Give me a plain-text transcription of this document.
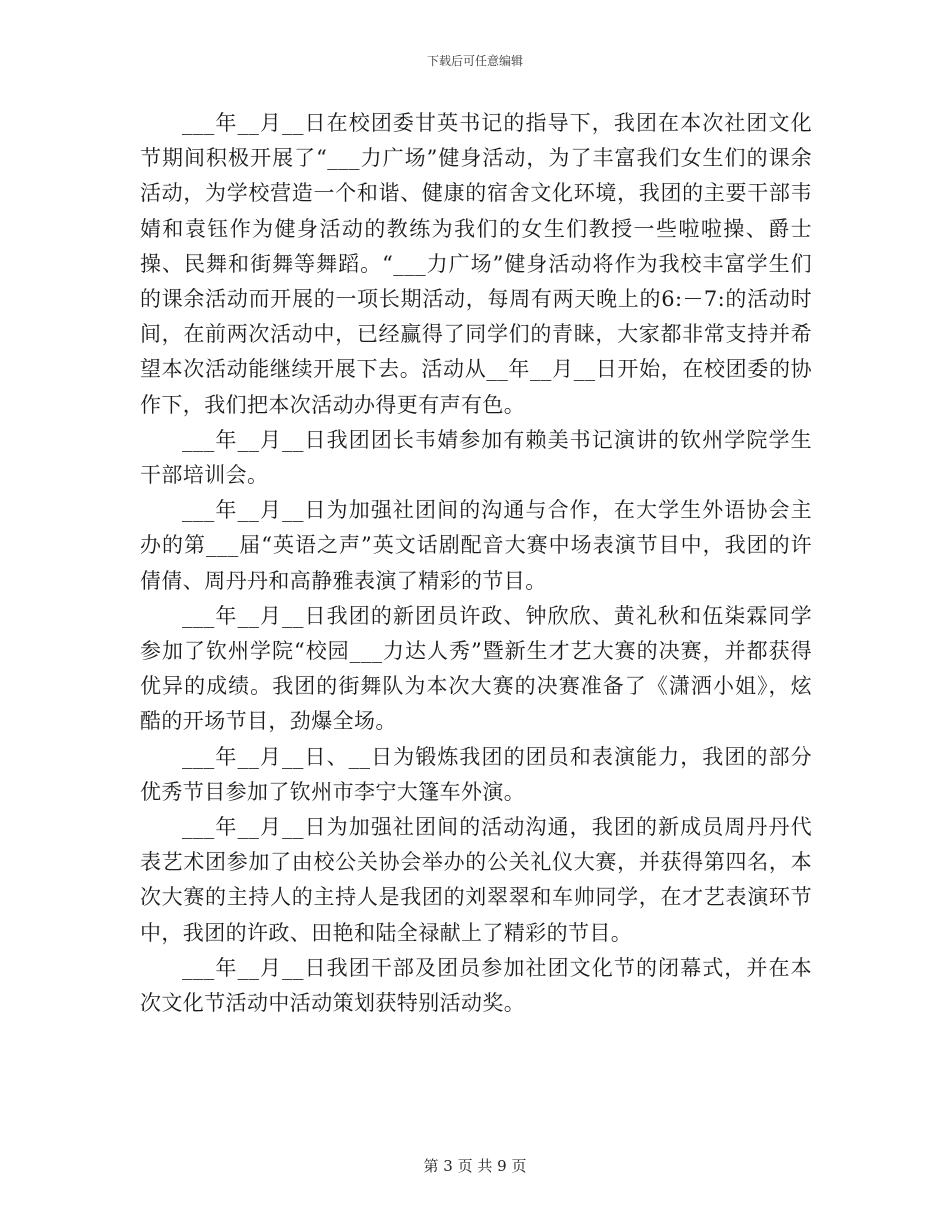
下载后可任意编辑

___年__月__日在校团委甘英书记的指导下，我团在本次社团文化节期间积极开展了“___力广场”健身活动，为了丰富我们女生们的课余活动，为学校营造一个和谐、健康的宿舍文化环境，我团的主要干部韦婧和袁钰作为健身活动的教练为我们的女生们教授一些啦啦操、爵士操、民舞和街舞等舞蹈。“___力广场”健身活动将作为我校丰富学生们的课余活动而开展的一项长期活动，每周有两天晚上的6:－7:的活动时间，在前两次活动中，已经赢得了同学们的青睐，大家都非常支持并希望本次活动能继续开展下去。活动从__年__月__日开始，在校团委的协作下，我们把本次活动办得更有声有色。

___年__月__日我团团长韦婧参加有赖美书记演讲的钦州学院学生干部培训会。

___年__月__日为加强社团间的沟通与合作，在大学生外语协会主办的第___届“英语之声”英文话剧配音大赛中场表演节目中，我团的许倩倩、周丹丹和高静雅表演了精彩的节目。

___年__月__日我团的新团员许政、钟欣欣、黄礼秋和伍柒霖同学参加了钦州学院“校园___力达人秀”暨新生才艺大赛的决赛，并都获得优异的成绩。我团的街舞队为本次大赛的决赛准备了《潇洒小姐》，炫酷的开场节目，劲爆全场。

___年__月__日、__日为锻炼我团的团员和表演能力，我团的部分优秀节目参加了钦州市李宁大篷车外演。

___年__月__日为加强社团间的活动沟通，我团的新成员周丹丹代表艺术团参加了由校公关协会举办的公关礼仪大赛，并获得第四名，本次大赛的主持人的主持人是我团的刘翠翠和车帅同学，在才艺表演环节中，我团的许政、田艳和陆全禄献上了精彩的节目。

___年__月__日我团干部及团员参加社团文化节的闭幕式，并在本次文化节活动中活动策划获特别活动奖。

第 3 页 共 9 页
